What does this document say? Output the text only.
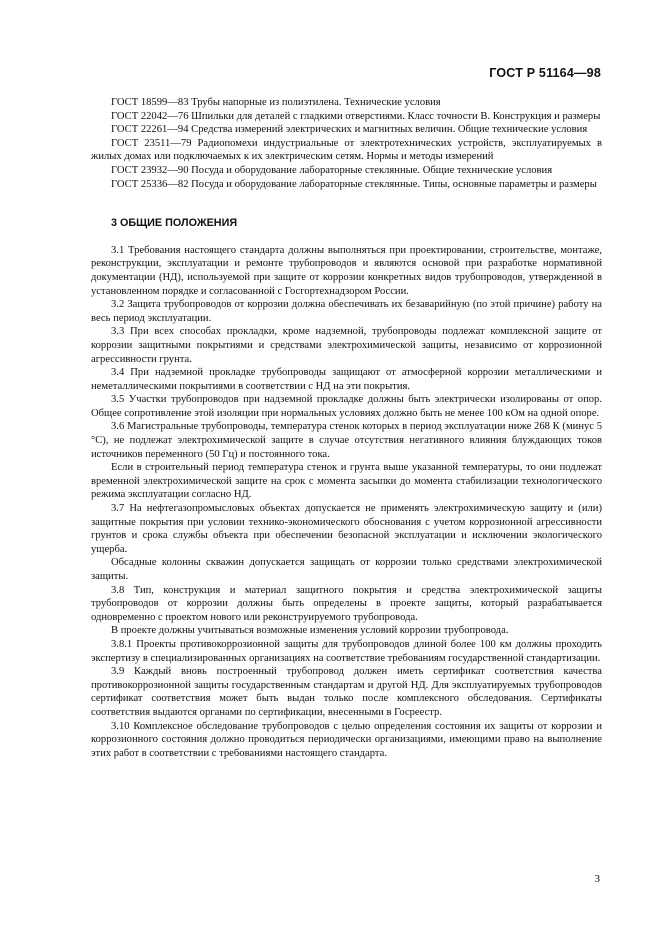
ГОСТ Р 51164—98

ГОСТ 18599—83 Трубы напорные из полиэтилена. Технические условия

ГОСТ 22042—76 Шпильки для деталей с гладкими отверстиями. Класс точности В. Конструкция и размеры

ГОСТ 22261—94 Средства измерений электрических и магнитных величин. Общие технические условия

ГОСТ 23511—79 Радиопомехи индустриальные от электротехнических устройств, эксплуатируемых в жилых домах или подключаемых к их электрическим сетям. Нормы и методы измерений

ГОСТ 23932—90 Посуда и оборудование лабораторные стеклянные. Общие технические условия

ГОСТ 25336—82 Посуда и оборудование лабораторные стеклянные. Типы, основные параметры и размеры

3 ОБЩИЕ ПОЛОЖЕНИЯ

3.1 Требования настоящего стандарта должны выполняться при проектировании, строительстве, монтаже, реконструкции, эксплуатации и ремонте трубопроводов и являются основой при разработке нормативной документации (НД), используемой при защите от коррозии конкретных видов трубопроводов, утвержденной в установленном порядке и согласованной с Госгортехнадзором России.

3.2 Защита трубопроводов от коррозии должна обеспечивать их безаварийную (по этой причине) работу на весь период эксплуатации.

3.3 При всех способах прокладки, кроме надземной, трубопроводы подлежат комплексной защите от коррозии защитными покрытиями и средствами электрохимической защиты, независимо от коррозионной агрессивности грунта.

3.4 При надземной прокладке трубопроводы защищают от атмосферной коррозии металлическими и неметаллическими покрытиями в соответствии с НД на эти покрытия.

3.5 Участки трубопроводов при надземной прокладке должны быть электрически изолированы от опор. Общее сопротивление этой изоляции при нормальных условиях должно быть не менее 100 кОм на одной опоре.

3.6 Магистральные трубопроводы, температура стенок которых в период эксплуатации ниже 268 К (минус 5 °С), не подлежат электрохимической защите в случае отсутствия негативного влияния блуждающих токов источников переменного (50 Гц) и постоянного тока.

Если в строительный период температура стенок и грунта выше указанной температуры, то они подлежат временной электрохимической защите на срок с момента засыпки до момента стабилизации технологического режима эксплуатации согласно НД.

3.7 На нефтегазопромысловых объектах допускается не применять электрохимическую защиту и (или) защитные покрытия при условии технико-экономического обоснования с учетом коррозионной агрессивности грунтов и срока службы объекта при обеспечении безопасной эксплуатации и исключении экологического ущерба.

Обсадные колонны скважин допускается защищать от коррозии только средствами электрохимической защиты.

3.8 Тип, конструкция и материал защитного покрытия и средства электрохимической защиты трубопроводов от коррозии должны быть определены в проекте защиты, который разрабатывается одновременно с проектом нового или реконструируемого трубопровода.

В проекте должны учитываться возможные изменения условий коррозии трубопровода.

3.8.1 Проекты противокоррозионной защиты для трубопроводов длиной более 100 км должны проходить экспертизу в специализированных организациях на соответствие требованиям государственной стандартизации.

3.9 Каждый вновь построенный трубопровод должен иметь сертификат соответствия качества противокоррозионной защиты государственным стандартам и другой НД. Для эксплуатируемых трубопроводов сертификат соответствия может быть выдан только после комплексного обследования. Сертификаты соответствия выдаются органами по сертификации, внесенными в Госреестр.

3.10 Комплексное обследование трубопроводов с целью определения состояния их защиты от коррозии и коррозионного состояния должно проводиться периодически организациями, имеющими право на выполнение этих работ в соответствии с требованиями настоящего стандарта.

3
